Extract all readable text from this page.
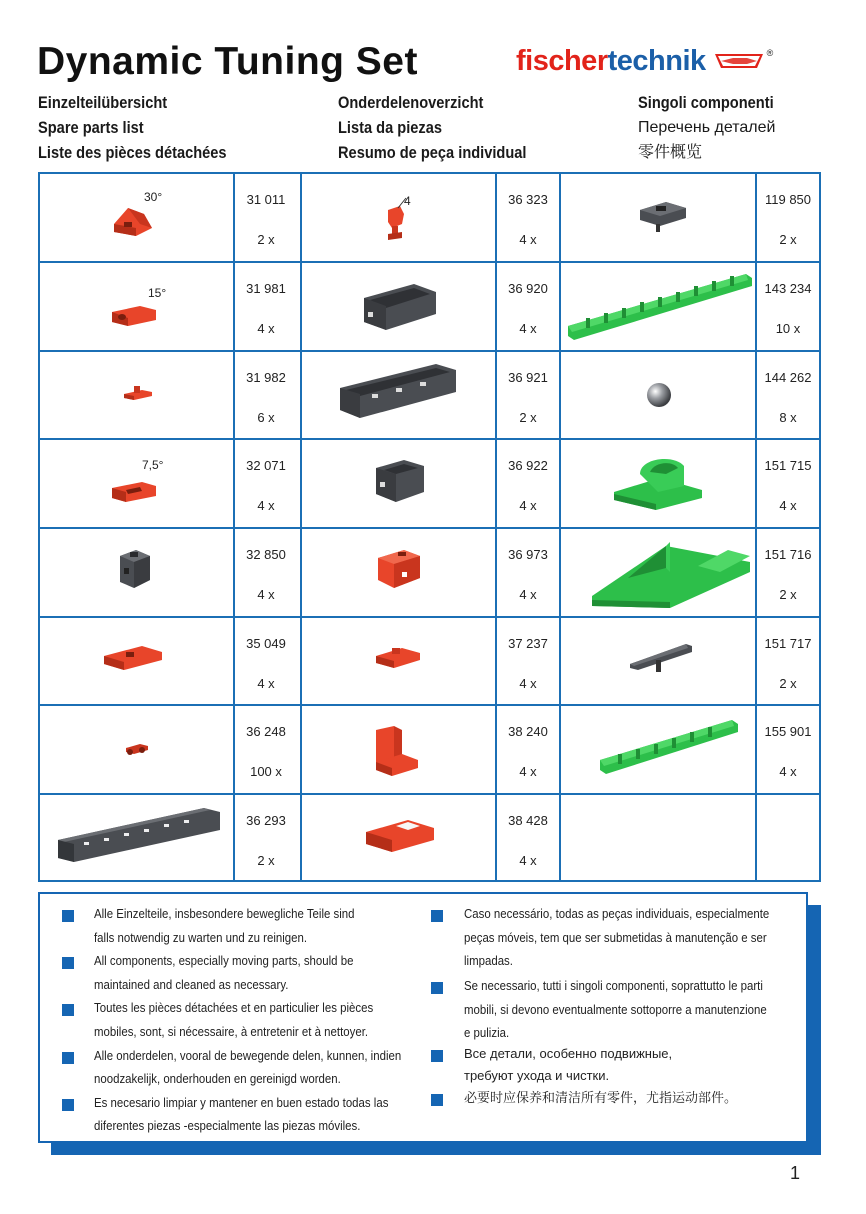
Dynamic Tuning Set	fischer technik	®
Einzelteilübersicht
Spare parts list
Liste des pièces détachées
Onderdelenoverzicht
Lista da piezas
Resumo de peça individual
Singoli componenti
Перечень деталей
零件概览
31 011
2 x
31 981
4 x
31 982
6 x
32 071
4 x
32 850
4 x
35 049
4 x
36 248
100 x
36 293
2 x
36 323
4 x
36 920
4 x
36 921
2 x
36 922
4 x
36 973
4 x
37 237
4 x
38 240
4 x
38 428
4 x
119 850
2 x
143 234
10 x
144 262
8 x
151 715
4 x
151 716
2 x
151 717
2 x
155 901
4 x
30°
15°
7,5°
4
Alle Einzelteile, insbesondere bewegliche Teile sind
falls notwendig zu warten und zu reinigen.
All components, especially moving parts, should be
maintained and cleaned as necessary.
Toutes les pièces détachées et en particulier les pièces
mobiles, sont, si nécessaire, à entretenir et à nettoyer.
Alle onderdelen, vooral de bewegende delen, kunnen, indien
noodzakelijk, onderhouden en gereinigd worden.
Es necesario limpiar y mantener en buen estado todas las
diferentes piezas -especialmente las piezas móviles.
Caso necessário, todas as peças individuais, especialmente
peças móveis, tem que ser submetidas à manutenção e ser
limpadas.
Se necessario, tutti i singoli componenti, soprattutto le parti
mobili, si devono eventualmente sottoporre a manutenzione
e pulizia.
Все детали, особенно подвижные,
требуют ухода и чистки.
必要时应保养和清洁所有零件，尤指运动部件。
1
